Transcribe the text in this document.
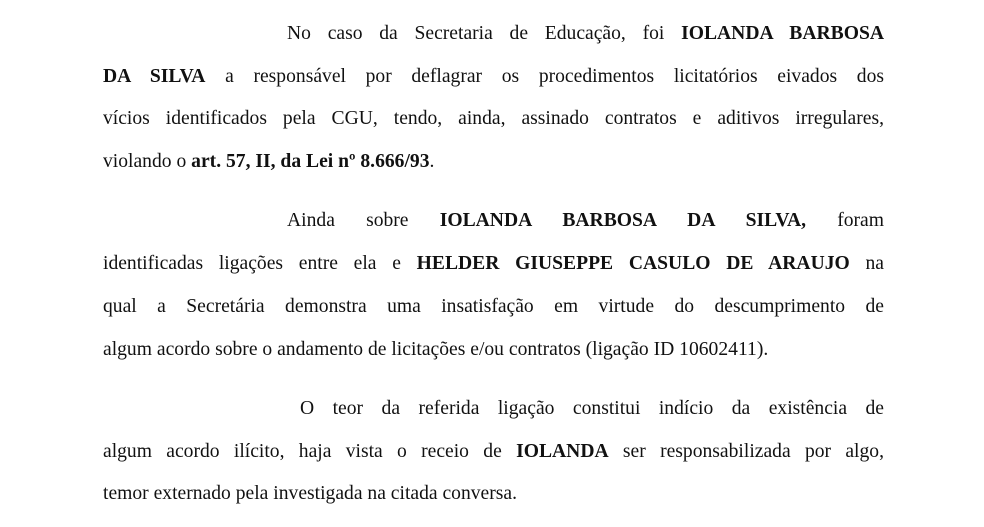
No caso da Secretaria de Educação, foi IOLANDA BARBOSA
DA SILVA a responsável por deflagrar os procedimentos licitatórios eivados dos
vícios identificados pela CGU, tendo, ainda, assinado contratos e aditivos irregulares,
violando o art. 57, II, da Lei nº 8.666/93.
Ainda sobre IOLANDA BARBOSA DA SILVA, foram
identificadas ligações entre ela e HELDER GIUSEPPE CASULO DE ARAUJO na
qual a Secretária demonstra uma insatisfação em virtude do descumprimento de
algum acordo sobre o andamento de licitações e/ou contratos (ligação ID 10602411).
O teor da referida ligação constitui indício da existência de
algum acordo ilícito, haja vista o receio de IOLANDA ser responsabilizada por algo,
temor externado pela investigada na citada conversa.
